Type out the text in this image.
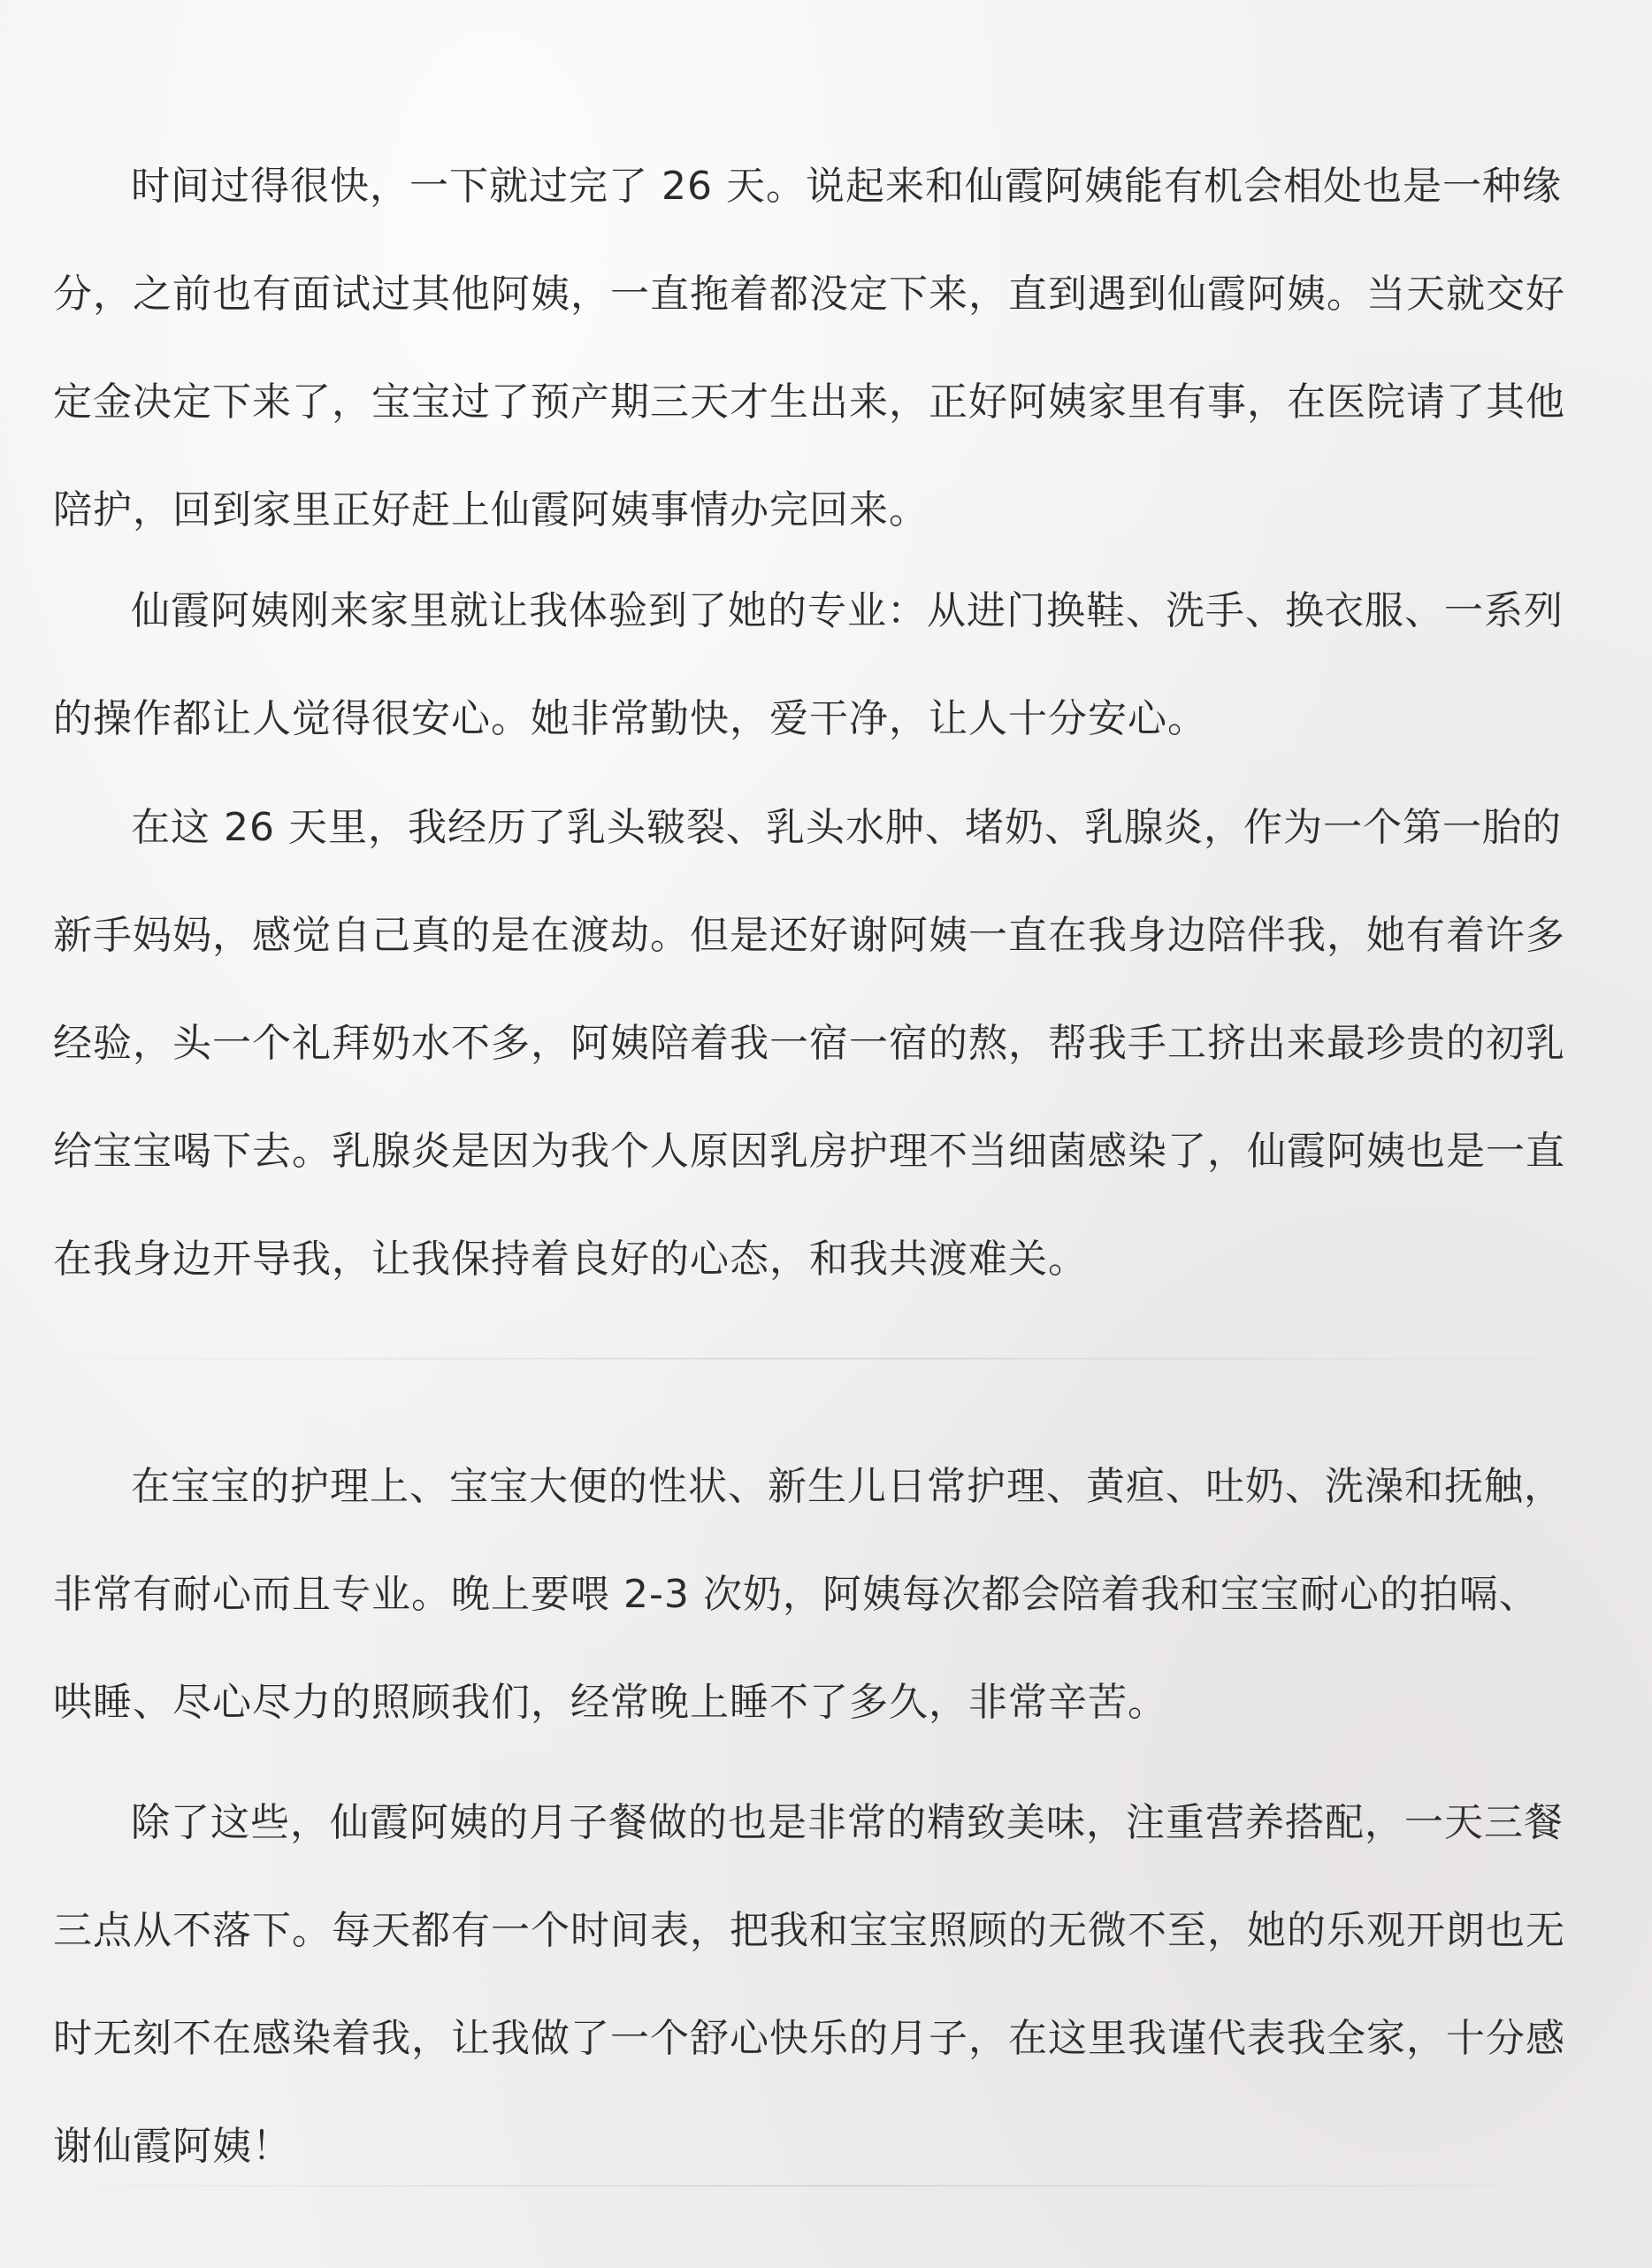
时间过得很快，一下就过完了 26 天。说起来和仙霞阿姨能有机会相处也是一种缘分，之前也有面试过其他阿姨，一直拖着都没定下来，直到遇到仙霞阿姨。当天就交好定金决定下来了，宝宝过了预产期三天才生出来，正好阿姨家里有事，在医院请了其他陪护，回到家里正好赶上仙霞阿姨事情办完回来。

仙霞阿姨刚来家里就让我体验到了她的专业：从进门换鞋、洗手、换衣服、一系列的操作都让人觉得很安心。她非常勤快，爱干净，让人十分安心。

在这 26 天里，我经历了乳头皲裂、乳头水肿、堵奶、乳腺炎，作为一个第一胎的新手妈妈，感觉自己真的是在渡劫。但是还好谢阿姨一直在我身边陪伴我，她有着许多经验，头一个礼拜奶水不多，阿姨陪着我一宿一宿的熬，帮我手工挤出来最珍贵的初乳给宝宝喝下去。乳腺炎是因为我个人原因乳房护理不当细菌感染了，仙霞阿姨也是一直在我身边开导我，让我保持着良好的心态，和我共渡难关。

在宝宝的护理上、宝宝大便的性状、新生儿日常护理、黄疸、吐奶、洗澡和抚触， 非常有耐心而且专业。晚上要喂 2-3 次奶，阿姨每次都会陪着我和宝宝耐心的拍嗝、哄睡、尽心尽力的照顾我们，经常晚上睡不了多久，非常辛苦。

除了这些，仙霞阿姨的月子餐做的也是非常的精致美味，注重营养搭配，一天三餐三点从不落下。每天都有一个时间表，把我和宝宝照顾的无微不至，她的乐观开朗也无时无刻不在感染着我，让我做了一个舒心快乐的月子，在这里我谨代表我全家，十分感谢仙霞阿姨！
